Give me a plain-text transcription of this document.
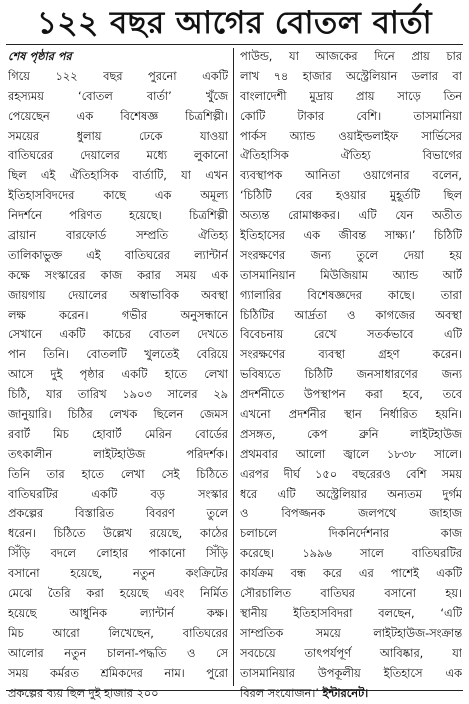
১২২ বছর আগের বোতল বার্তা
শেষ পৃষ্ঠার পর
গিয়ে ১২২ বছর পুরনো একটি
রহস্যময় ‘বোতল বার্তা’ খুঁজে
পেয়েছেন এক বিশেষজ্ঞ চিত্রশিল্পী।
সময়ের ধুলায় ঢেকে যাওয়া
বাতিঘরের দেয়ালের মধ্যে লুকানো
ছিল এই ঐতিহাসিক বার্তাটি, যা এখন
ইতিহাসবিদদের কাছে এক অমূল্য
নিদর্শনে পরিণত হয়েছে। চিত্রশিল্পী
ব্রায়ান বারফোর্ড সম্প্রতি ঐতিহ্য
তালিকাভুক্ত এই বাতিঘরের ল্যান্টার্ন
কক্ষে সংস্কারের কাজ করার সময় এক
জায়গায় দেয়ালের অস্বাভাবিক অবস্থা
লক্ষ করেন। গভীর অনুসন্ধানে
সেখানে একটি কাচের বোতল দেখতে
পান তিনি। বোতলটি খুলতেই বেরিয়ে
আসে দুই পৃষ্ঠার একটি হাতে লেখা
চিঠি, যার তারিখ ১৯০৩ সালের ২৯
জানুয়ারি। চিঠির লেখক ছিলেন জেমস
রবার্ট মিচ হোবার্ট মেরিন বোর্ডের
তৎকালীন লাইটহাউজ পরিদর্শক।
তিনি তার হাতে লেখা সেই চিঠিতে
বাতিঘরটির একটি বড় সংস্কার
প্রকল্পের বিস্তারিত বিবরণ তুলে
ধরেন। চিঠিতে উল্লেখ রয়েছে, কাঠের
সিঁড়ি বদলে লোহার পাকানো সিঁড়ি
বসানো হয়েছে, নতুন কংক্রিটের
মেঝে তৈরি করা হয়েছে এবং নির্মিত
হয়েছে আধুনিক ল্যান্টার্ন কক্ষ।
মিচ আরো লিখেছেন, বাতিঘরের
আলোর নতুন চালনা-পদ্ধতি ও সে
সময় কর্মরত শ্রমিকদের নাম। পুরো
প্রকল্পের ব্যয় ছিল দুই হাজার ২০০
পাউন্ড, যা আজকের দিনে প্রায় চার
লাখ ৭৪ হাজার অস্ট্রেলিয়ান ডলার বা
বাংলাদেশী মুদ্রায় প্রায় সাড়ে তিন
কোটি টাকার বেশি। তাসমানিয়া
পার্কস অ্যান্ড ওয়াইল্ডলাইফ সার্ভিসের
ঐতিহাসিক ঐতিহ্য বিভাগের
ব্যবস্থাপক আনিতা ওয়াগেনার বলেন,
‘চিঠিটি বের হওয়ার মুহূর্তটি ছিল
অত্যন্ত রোমাঞ্চকর। এটি যেন অতীত
ইতিহাসের এক জীবন্ত সাক্ষ্য।’ চিঠিটি
সংরক্ষণের জন্য তুলে দেয়া হয়
তাসমানিয়ান মিউজিয়াম অ্যান্ড আর্ট
গ্যালারির বিশেষজ্ঞদের কাছে। তারা
চিঠিটির আর্দ্রতা ও কাগজের অবস্থা
বিবেচনায় রেখে সতর্কভাবে এটি
সংরক্ষণের ব্যবস্থা গ্রহণ করেন।
ভবিষ্যতে চিঠিটি জনসাধারণের জন্য
প্রদর্শনীতে উপস্থাপন করা হবে, তবে
এখনো প্রদর্শনীর স্থান নির্ধারিত হয়নি।
প্রসঙ্গত, কেপ ব্রুনি লাইটহাউজ
প্রথমবার আলো জ্বালে ১৮৩৮ সালে।
এরপর দীর্ঘ ১৫০ বছরেরও বেশি সময়
ধরে এটি অস্ট্রেলিয়ার অন্যতম দুর্গম
ও বিপজ্জনক জলপথে জাহাজ
চলাচলে দিকনির্দেশনার কাজ
করেছে। ১৯৯৬ সালে বাতিঘরটির
কার্যক্রম বন্ধ করে এর পাশেই একটি
সৌরচালিত বাতিঘর বসানো হয়।
স্থানীয় ইতিহাসবিদরা বলছেন, ‘এটি
সাম্প্রতিক সময়ে লাইটহাউজ-সংক্রান্ত
সবচেয়ে তাৎপর্যপূর্ণ আবিষ্কার, যা
তাসমানিয়ার উপকূলীয় ইতিহাসে এক
বিরল সংযোজন।’ ইন্টারনেট।
